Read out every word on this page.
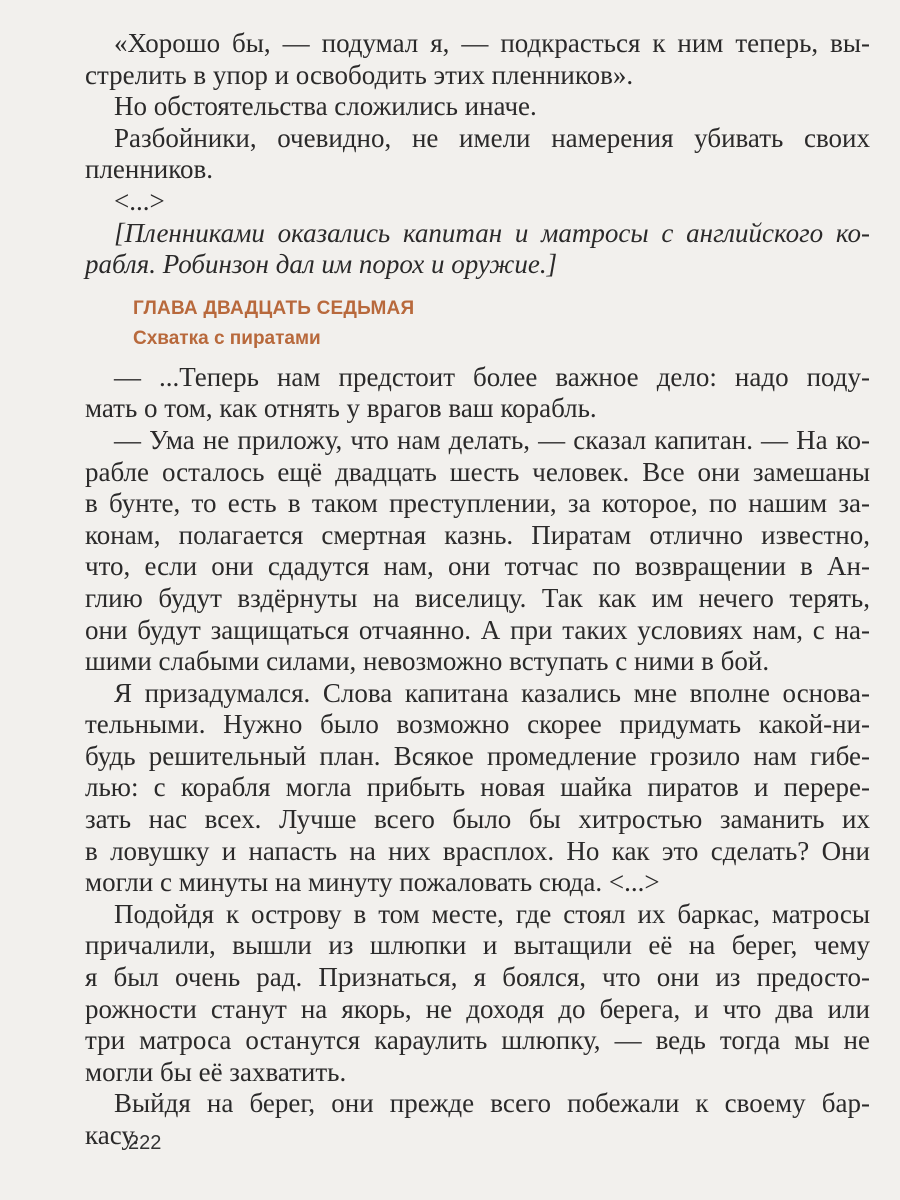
«Хорошо бы, — подумал я, — подкрасться к ним теперь, вы-
стрелить в упор и освободить этих пленников».
Но обстоятельства сложились иначе.
Разбойники, очевидно, не имели намерения убивать своих
пленников.
<...>
[Пленниками оказались капитан и матросы с английского ко-
рабля. Робинзон дал им порох и оружие.]
ГЛАВА ДВАДЦАТЬ СЕДЬМАЯ
Схватка с пиратами
— ...Теперь нам предстоит более важное дело: надо поду-
мать о том, как отнять у врагов ваш корабль.
— Ума не приложу, что нам делать, — сказал капитан. — На ко-
рабле осталось ещё двадцать шесть человек. Все они замешаны
в бунте, то есть в таком преступлении, за которое, по нашим за-
конам, полагается смертная казнь. Пиратам отлично известно,
что, если они сдадутся нам, они тотчас по возвращении в Ан-
глию будут вздёрнуты на виселицу. Так как им нечего терять,
они будут защищаться отчаянно. А при таких условиях нам, с на-
шими слабыми силами, невозможно вступать с ними в бой.
Я призадумался. Слова капитана казались мне вполне основа-
тельными. Нужно было возможно скорее придумать какой-ни-
будь решительный план. Всякое промедление грозило нам гибе-
лью: с корабля могла прибыть новая шайка пиратов и перере-
зать нас всех. Лучше всего было бы хитростью заманить их
в ловушку и напасть на них врасплох. Но как это сделать? Они
могли с минуты на минуту пожаловать сюда. <...>
Подойдя к острову в том месте, где стоял их баркас, матросы
причалили, вышли из шлюпки и вытащили её на берег, чему
я был очень рад. Признаться, я боялся, что они из предосто-
рожности станут на якорь, не доходя до берега, и что два или
три матроса останутся караулить шлюпку, — ведь тогда мы не
могли бы её захватить.
Выйдя на берег, они прежде всего побежали к своему бар-
касу.
222
